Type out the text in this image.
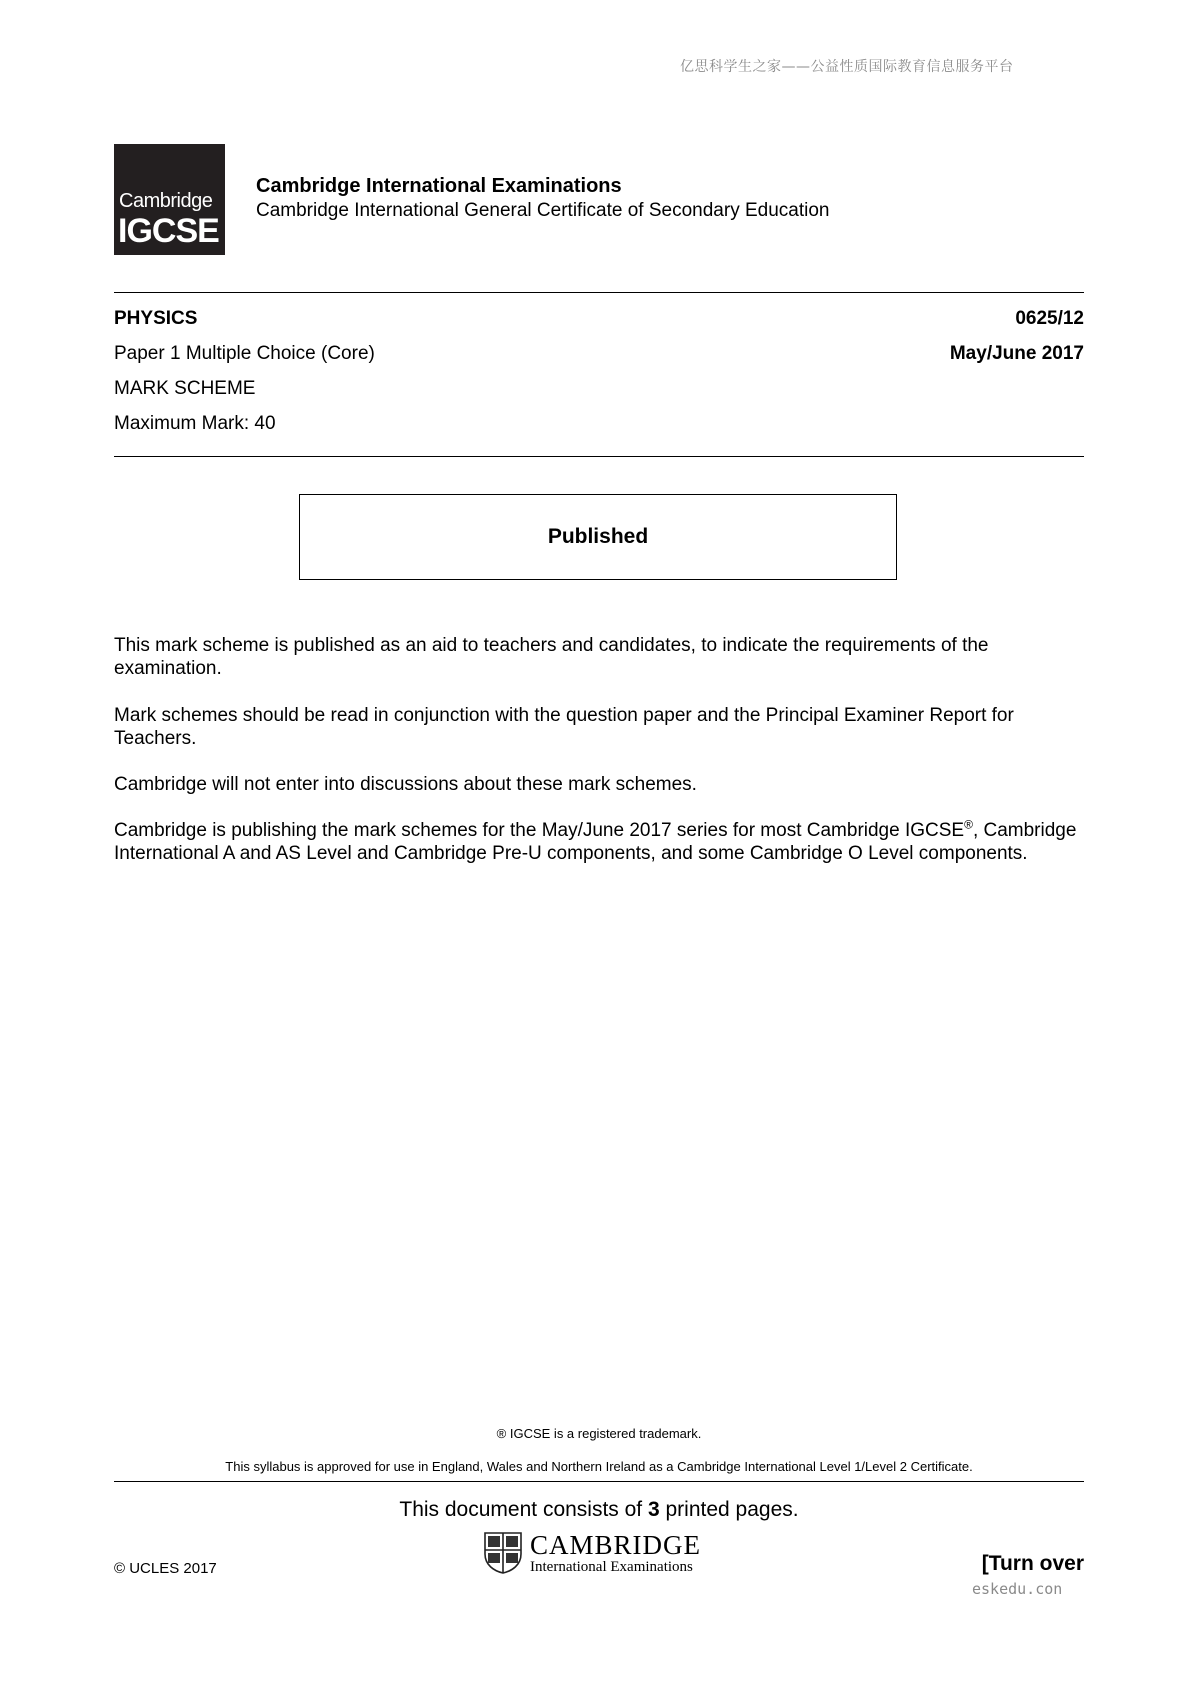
亿思科学生之家——公益性质国际教育信息服务平台
Cambridge
IGCSE
Cambridge International Examinations
Cambridge International General Certificate of Secondary Education
PHYSICS	0625/12
Paper 1 Multiple Choice (Core)	May/June 2017
MARK SCHEME
Maximum Mark: 40
Published
This mark scheme is published as an aid to teachers and candidates, to indicate the requirements of the examination.
Mark schemes should be read in conjunction with the question paper and the Principal Examiner Report for Teachers.
Cambridge will not enter into discussions about these mark schemes.
Cambridge is publishing the mark schemes for the May/June 2017 series for most Cambridge IGCSE®, Cambridge International A and AS Level and Cambridge Pre-U components, and some Cambridge O Level components.
® IGCSE is a registered trademark.
This syllabus is approved for use in England, Wales and Northern Ireland as a Cambridge International Level 1/Level 2 Certificate.
This document consists of 3 printed pages.
CAMBRIDGE
International Examinations
© UCLES 2017	[Turn over
eskedu.con
